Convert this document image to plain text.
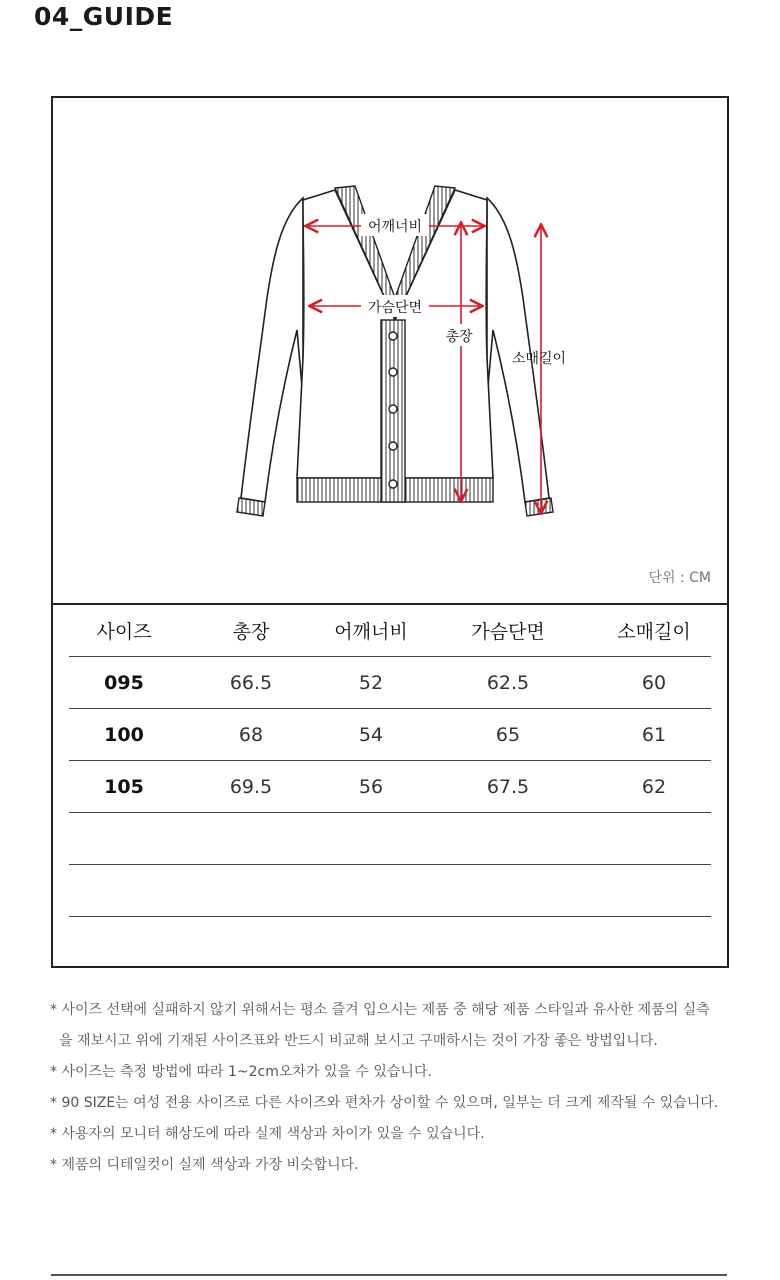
04_GUIDE
어깨너비
가슴단면
총장
소매길이
단위 : CM
사이즈	총장	어깨너비	가슴단면	소매길이
095	66.5	52	62.5	60
100	68	54	65	61
105	69.5	56	67.5	62

* 사이즈 선택에 실패하지 않기 위해서는 평소 즐겨 입으시는 제품 중 해당 제품 스타일과 유사한 제품의 실측
을 재보시고 위에 기재된 사이즈표와 반드시 비교해 보시고 구매하시는 것이 가장 좋은 방법입니다.
* 사이즈는 측정 방법에 따라 1~2cm오차가 있을 수 있습니다.
* 90 SIZE는 여성 전용 사이즈로 다른 사이즈와 편차가 상이할 수 있으며, 일부는 더 크게 제작될 수 있습니다.
* 사용자의 모니터 해상도에 따라 실제 색상과 차이가 있을 수 있습니다.
* 제품의 디테일컷이 실제 색상과 가장 비슷합니다.
